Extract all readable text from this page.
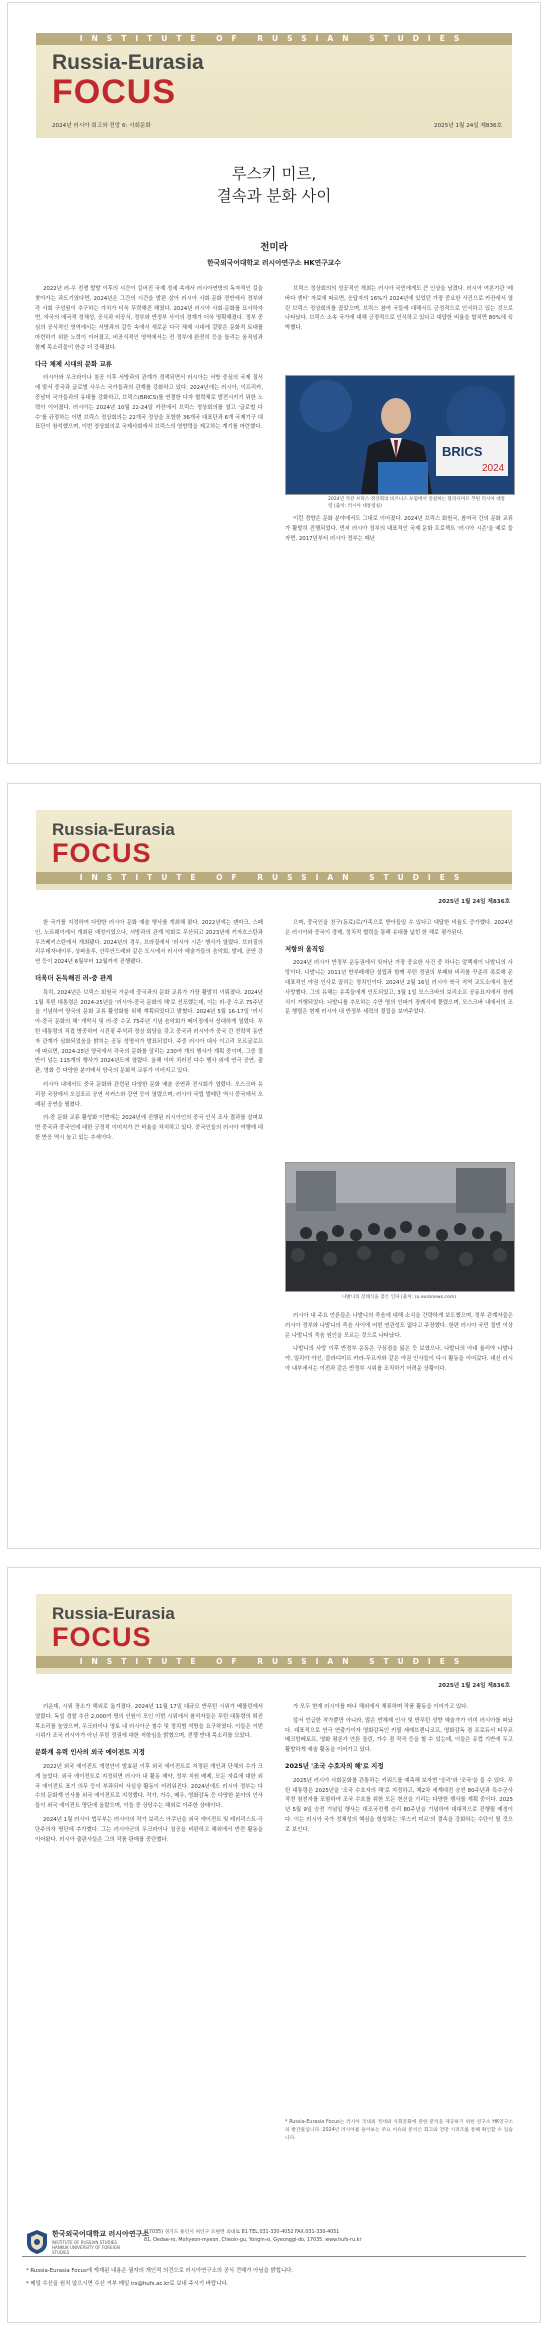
INSTITUTE OF RUSSIAN STUDIES
Russia-Eurasia
FOCUS
2024년 러시아 회고와 전망 6: 사회문화	2025년 1월 24일 제836호
루스키 미르,
결속과 분화 사이
전미라
한국외국어대학교 러시아연구소 HK연구교수

2022년 러-우 전쟁 발발 이후의 시간이 길어진 국제 정세 속에서 러시아연방의 독자적인 길을 찾아가는 과도기였다면, 2024년은 그간의 시간을 발판 삼아 러시아 사회·문화 전반에서 정부와 각 사회 구성원이 추구하는 가치가 더욱 뚜렷해진 해였다. 2024년 러시아 사회·문화를 묘사하자면, 자국의 애국적 정체성, 공식과 비공식, 정부와 반정부 사이의 경계가 더욱 명확해졌다. 정부 중심의 공식적인 영역에서는 서방과의 갈등 속에서 새로운 다극 체제 시대에 걸맞은 문화적 토대를 마련하기 위한 노력이 이어졌고, 비공식적인 영역에서는 전 정부에 완전히 등을 돌리는 움직임과 함께 목소리들이 한층 더 강해졌다.

다극 체제 시대의 문화 교류

러시아와 우크라이나 침공 이후 서방과의 관계가 경색되면서 러시아는 서방 중심의 국제 질서에 맞서 중국과 글로벌 사우스 국가들과의 관계를 강화하고 있다. 2024년에는 러시아, 이프리카, 중남미 국가들과의 유대를 강화하고, 브릭스(BRICS)를 연결한 다자 협력체로 발전시키기 위한 노력이 이어졌다. 러시아는 2024년 10월 22-24일 카잔에서 브릭스 정상회의를 열고 '글로벌 다수'를 규정하는 이번 브릭스 정상회의는 22개국 정상을 포함한 36개국 대표단과 6개 국제기구 대표단이 참석했으며, 이번 정상회의로 국제사회에서 브릭스의 영향력을 제고하는 계기를 마련했다.

브릭스 정상회의의 성공적인 개최는 러시아 국민에게도 큰 인상을 남겼다. 러시아 여론기관 '레바다 센터' 자료에 따르면, 응답자의 16%가 2024년에 있었던 가장 중요한 사건으로 카잔에서 열린 브릭스 정상회의를 꼽았으며, 브릭스 참여 국들에 대해서도 긍정적으로 인식하고 있는 것으로 나타났다. 브릭스 소속 국가에 대해 긍정적으로 인식하고 있다고 대답한 비율을 합치면 80%에 육박했다.

BRICS
2024
2024년 카잔 브릭스 정상회의 비즈니스 포럼에서 연설하는 블라디미르 푸틴 러시아 대통령 (출처: 러시아 대통령실)

이런 경향은 문화 분야에서도 그대로 이어졌다. 2024년 브릭스 회원국, 참여국 간의 문화 교류가 활발히 진행되었다. 먼저 러시아 정부의 대표적인 국제 문화 프로젝트 '러시아 시즌'을 예로 들자면, 2017년부터 러시아 정부는 매년

Russia-Eurasia
FOCUS
INSTITUTE OF RUSSIAN STUDIES
2025년 1월 24일 제836호

한 국가를 지정하여 다양한 러시아 문화 예술 행사를 개최해 왔다. 2022년에는 덴마크, 스페인, 노르웨이에서 개최된 예정이었으나, 서방과의 관계 악화로 무산되고 2023년에 키자흐스탄과 우즈베키스탄에서 개최됐다. 2024년의 경우, 브라질에서 '러시아 시즌' 행사가 열렸다. 브라질의 리우데자네이루, 상파울루, 산투안드레와 같은 도시에서 러시아 예술가들의 음악회, 발레, 공연 강연 등이 2024년 6월부터 12월까지 진행됐다.

더욱더 돈독해진 러-중 관계

특히, 2024년은 브릭스 회원국 가운데 중국과의 문화 교류가 가장 활발히 이뤄졌다. 2024년 1월 푸틴 대통령은 2024-25년을 '러시아-중국 문화의 해'로 선포했는데, 이는 러-중 수교 75주년을 기념하여 양국의 문화 교류 활성화를 위해 계획되었다고 밝혔다. 2024년 5월 16-17일 '러시아-중국 문화의 해' 개막식 및 러-중 수교 75주년 기념 음악회가 베이징에서 성대하게 열렸다. 푸틴 대통령의 직접 방중하여 시진핑 주석과 정상 회담을 갖고 중국과 러시아가 중국 간 전략적 동반자 관계가 심화되었음을 밝히는 공동 성명서가 발표되었다. 주중 러시아 대사 이고리 모르굴로프에 따르면, 2024-25년 양국에서 각국의 문화를 알리는 230여 개의 행사가 계획 중이며, 그중 절반이 넘는 115개의 행사가 2024년도에 열렸다. 올해 이미 치러진 다수 행사 외에 연극 공연, 출판, 영화 등 다양한 분야에서 양국의 문화적 교류가 이어지고 있다.

러시아 내에서도 중국 문화와 관련된 다양한 문화 예술 공연과 전시회가 열렸다. 모스크바 유리장 국장에서 오십포르 공연 서커스와 강연 등이 열렸으며, 러시아 국립 발레단 역시 중국에서 오래된 공연을 펼쳤다.

러-중 문화 교류 활성화 이면에는 2024년에 진행된 러시아인의 중국 인식 조사 결과를 살펴보면 중국과 중국인에 대한 긍정적 이미지가 큰 비율을 차지하고 있다. 중국인들의 러시아 여행에 대한 반응 역시 늘고 있는 추세이다.

으며, 중국인을 친구(동료)로/가족으로 받아들일 수 있다고 대답한 비율도 증가했다. 2024년은 러시아와 중국이 경제, 정치적 협력을 통해 유대를 넓힌 한 해로 평가된다.

저항의 움직임

2024년 러시아 반정부 운동권에서 잊어난 가장 중요한 사건 중 하나는 알렉세이 나발니의 사망이다. 나발니는 2011년 반부패재단 설립과 함께 푸틴 정권의 부패와 비리를 꾸준히 폭로해 온 대표적인 야권 인사로 꼽히는 정치인이다. 2024년 2월 16일 러시아 북극 지역 교도소에서 돌연 사망했다. 그의 유해는 유족들에게 인도되었고, 3월 1일 모스크바의 보리소프 공동묘지에서 장례식이 거행되었다. 나발니를 추모하는 수만 명의 인파가 장례식에 몰렸으며, 모스크바 내에서의 조문 행렬은 현재 러시아 내 반정부 세력의 결집을 보여주었다.

나발니의 장례식을 찾은 인파 (출처: ru.euronews.com)

러시아 내 주요 언론들은 나발니의 죽음에 대해 소식을 간략하게 보도했으며, 정부 관계자들은 러시아 정부와 나발니의 죽음 사이에 어떤 연관성도 없다고 주장했다. 한편 러시아 국민 절반 이상은 나발니의 죽음 원인을 모르는 것으로 나타났다.

나발니의 사망 이후 반정부 운동은 구심점을 잃은 듯 보였으나, 나발니의 아내 율리야 나발나야, 일리야 야신, 블라디미르 카라-무르자와 같은 야권 인사들이 다시 활동을 이어갔다. 대신 러시아 내부에서는 이전과 같은 반정부 시위를 조직하기 어려운 상황이다.

Russia-Eurasia
FOCUS
INSTITUTE OF RUSSIAN STUDIES
2025년 1월 24일 제836호

러운데, 시위 장소가 해외로 옮겨졌다. 2024년 11월 17일 대규모 반푸틴 시위가 베를린에서 열렸다. 독일 경찰 추산 2,000여 명의 인원이 모인 이번 시위에서 참석자들은 푸틴 대통령의 퇴진 목소리를 높였으며, 우크라이나 영토 내 러시아군 철수 및 정치범 석방을 요구하였다. 이들은 이번 시위가 조국 러시아가 아닌 푸틴 정권에 대한 저항임을 밝혔으며, 전쟁 반대 목소리를 모았다.

문화계 유력 인사의 외국 에이전트 지정

2022년 외국 에이전트 개정안이 발효된 이후 외국 에이전트로 지정된 개인과 단체의 수가 크게 늘었다. 외국 에이전트로 지정되면 러시아 내 활동 제약, 정부 지원 배제, 모든 자료에 대한 외국 에이전트 표기 의무 등이 부과되어 사실상 활동이 어려워진다. 2024년에도 러시아 정부는 다수의 문화계 인사를 외국 에이전트로 지정했다. 작가, 가수, 배우, 영화감독 등 다양한 분야의 인사들이 외국 에이전트 명단에 올랐으며, 이들 중 상당수는 해외로 이주한 상태이다.

2024년 1월 러시아 법무부는 러시아의 작가 보리스 아쿠닌을 외국 에이전트 및 테러리스트·극단주의자 명단에 추가했다. 그는 러시아군의 우크라이나 침공을 비판하고 해외에서 반전 활동을 이어왔다. 러시아 출판사들은 그의 작품 판매를 중단했다.

가 모두 현재 러시아를 떠나 해외에서 체류하며 작품 활동을 이어가고 있다.

앞서 언급한 작가뿐만 아니라, 많은 반체제 인사 및 반푸틴 성향 예술가가 이미 러시아를 떠났다. 대표적으로 연극 연출가이자 영화감독인 키릴 세레브렌니코프, 영화감독 겸 프로듀서 티무르 베크맘베토프, 영화 평론가 안톤 돌린, 가수 겸 작곡 등을 할 수 있는데, 이들은 유럽 기반에 두고 활발하게 예술 활동을 이어가고 있다.

2025년 '조국 수호자의 해'로 지정

2025년 러시아 사회문화를 관통하는 키워드를 예측해 보자면 '승리'와 '조국'을 들 수 있다. 푸틴 대통령은 2025년을 '조국 수호자의 해'로 지정하고, 제2차 세계대전 승전 80주년과 특수군사작전 참전자를 포함하여 조국 수호를 위한 모든 헌신을 기리는 다양한 행사를 계획 중이다. 2025년 5월 9일 승전 기념일 행사는 대조국전쟁 승리 80주년을 기념하여 대대적으로 진행될 예정이다. 이는 러시아 국가 정체성의 핵심을 형성하는 '루스키 미르'의 결속을 강화하는 수단이 될 것으로 보인다.

* Russia-Eurasia Focus는 러시아 국내외 정세와 사회문화에 관한 분석을 제공하기 위한 연구소 HK연구소의 발간물입니다. 2024년 러시아를 돌아보는 주요 이슈와 분석은 회고와 전망 시리즈를 통해 확인할 수 있습니다.
한국외국어대학교 러시아연구소
INSTITUTE OF RUSSIAN STUDIES HANKUK UNIVERSITY OF FOREIGN STUDIES
(17035) 경기도 용인시 처인구 모현면 외대로 81 TEL.031-330-4052 FAX.031-330-4051
81, Oedae-ro, Mohyeon-myeon, Cheoin-gu, Yongin-si, Gyeonggi-do, 17035. www.hufs-ru.kr
* Russia-Eurasia Focus에 게재된 내용은 필자의 개인적 의견으로 러시아연구소의 공식 견해가 아님을 밝힙니다.
* 메일 수신을 원치 않으시면 수신 거부 메일 irs@hufs.ac.kr로 보내 주시기 바랍니다.
